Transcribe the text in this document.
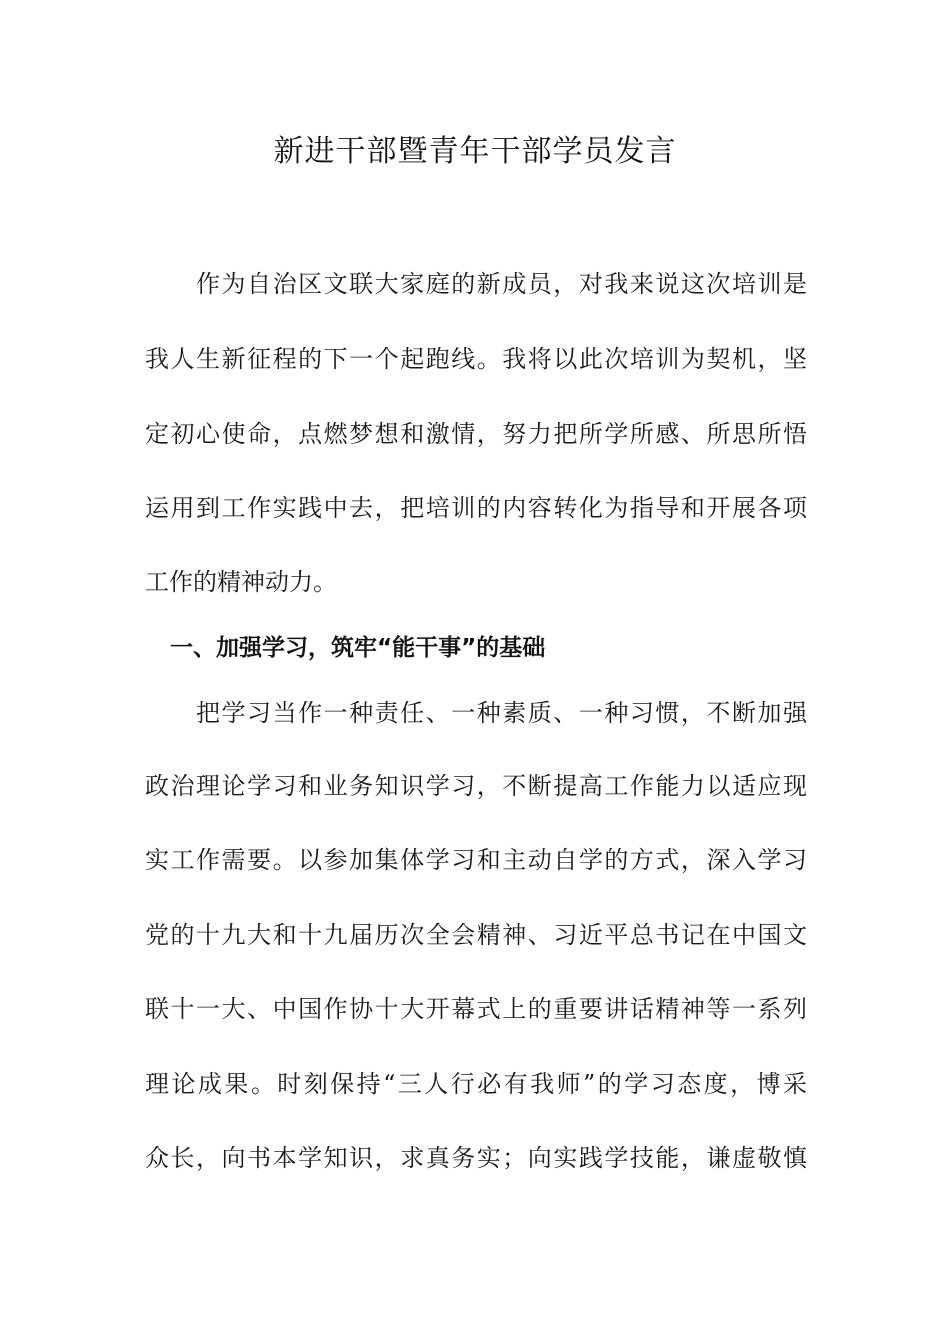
新进干部暨青年干部学员发言
作为自治区文联大家庭的新成员，对我来说这次培训是
我人生新征程的下一个起跑线。我将以此次培训为契机，坚
定初心使命，点燃梦想和激情，努力把所学所感、所思所悟
运用到工作实践中去，把培训的内容转化为指导和开展各项
工作的精神动力。
一、加强学习，筑牢“能干事”的基础
把学习当作一种责任、一种素质、一种习惯，不断加强
政治理论学习和业务知识学习，不断提高工作能力以适应现
实工作需要。以参加集体学习和主动自学的方式，深入学习
党的十九大和十九届历次全会精神、习近平总书记在中国文
联十一大、中国作协十大开幕式上的重要讲话精神等一系列
理论成果。时刻保持“三人行必有我师”的学习态度，博采
众长，向书本学知识，求真务实；向实践学技能，谦虚敬慎
